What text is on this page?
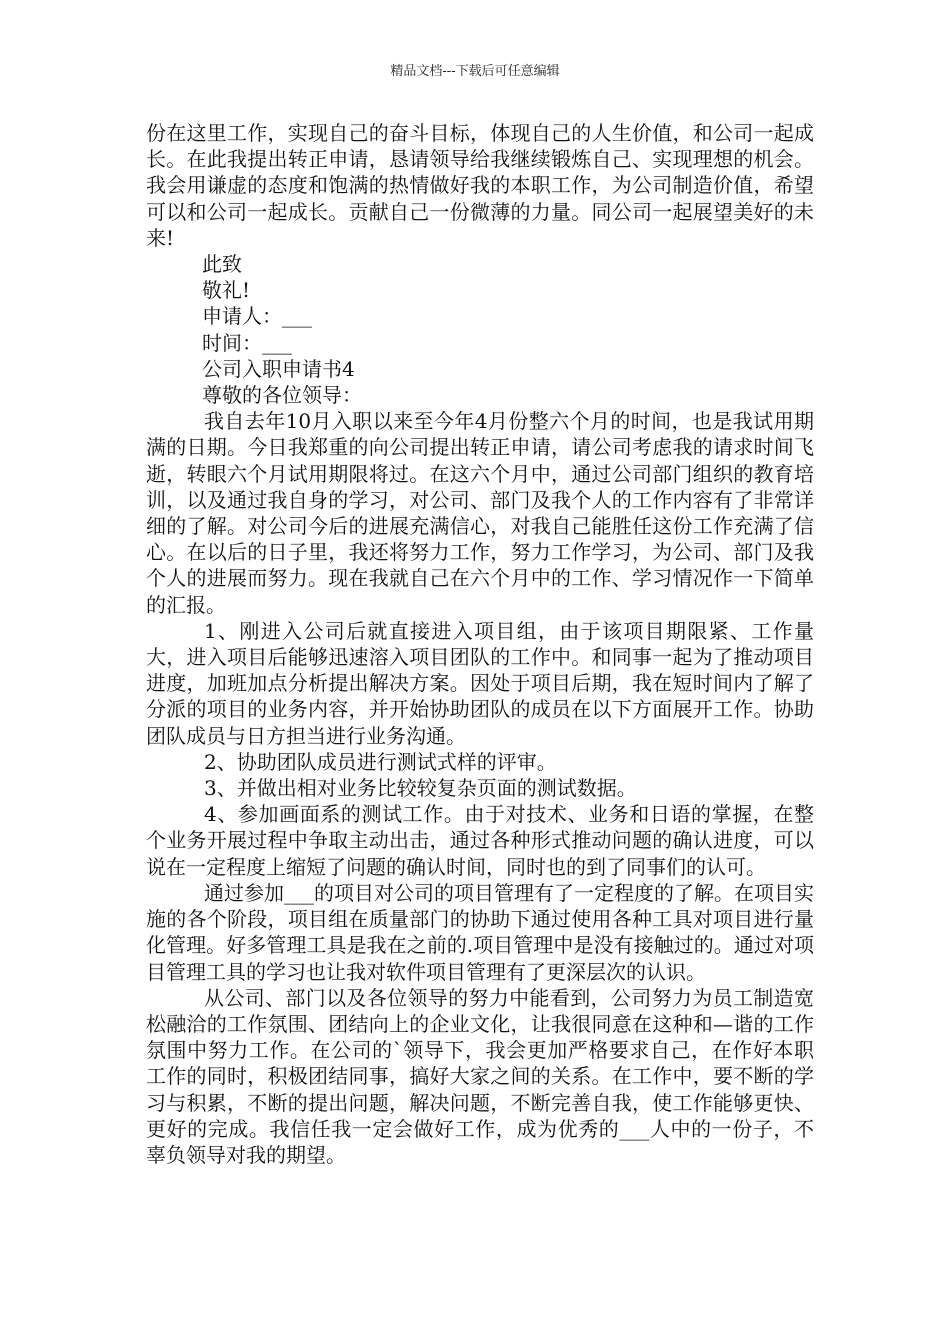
精品文档---下载后可任意编辑

份在这里工作，实现自己的奋斗目标，体现自己的人生价值，和公司一起成长。在此我提出转正申请，恳请领导给我继续锻炼自己、实现理想的机会。我会用谦虚的态度和饱满的热情做好我的本职工作，为公司制造价值，希望可以和公司一起成长。贡献自己一份微薄的力量。同公司一起展望美好的未来!

此致

敬礼!

申请人：___

时间：___

公司入职申请书4

尊敬的各位领导：

我自去年10月入职以来至今年4月份整六个月的时间，也是我试用期满的日期。今日我郑重的向公司提出转正申请，请公司考虑我的请求时间飞逝，转眼六个月试用期限将过。在这六个月中，通过公司部门组织的教育培训，以及通过我自身的学习，对公司、部门及我个人的工作内容有了非常详细的了解。对公司今后的进展充满信心，对我自己能胜任这份工作充满了信心。在以后的日子里，我还将努力工作，努力工作学习，为公司、部门及我个人的进展而努力。现在我就自己在六个月中的工作、学习情况作一下简单的汇报。

1、刚进入公司后就直接进入项目组，由于该项目期限紧、工作量大，进入项目后能够迅速溶入项目团队的工作中。和同事一起为了推动项目进度，加班加点分析提出解决方案。因处于项目后期，我在短时间内了解了分派的项目的业务内容，并开始协助团队的成员在以下方面展开工作。协助团队成员与日方担当进行业务沟通。

2、协助团队成员进行测试式样的评审。

3、并做出相对业务比较较复杂页面的测试数据。

4、参加画面系的测试工作。由于对技术、业务和日语的掌握，在整个业务开展过程中争取主动出击，通过各种形式推动问题的确认进度，可以说在一定程度上缩短了问题的确认时间，同时也的到了同事们的认可。

通过参加___的项目对公司的项目管理有了一定程度的了解。在项目实施的各个阶段，项目组在质量部门的协助下通过使用各种工具对项目进行量化管理。好多管理工具是我在之前的.项目管理中是没有接触过的。通过对项目管理工具的学习也让我对软件项目管理有了更深层次的认识。

从公司、部门以及各位领导的努力中能看到，公司努力为员工制造宽松融洽的工作氛围、团结向上的企业文化，让我很同意在这种和—谐的工作氛围中努力工作。在公司的`领导下，我会更加严格要求自己，在作好本职工作的同时，积极团结同事，搞好大家之间的关系。在工作中，要不断的学习与积累，不断的提出问题，解决问题，不断完善自我，使工作能够更快、更好的完成。我信任我一定会做好工作，成为优秀的___人中的一份子，不辜负领导对我的期望。
